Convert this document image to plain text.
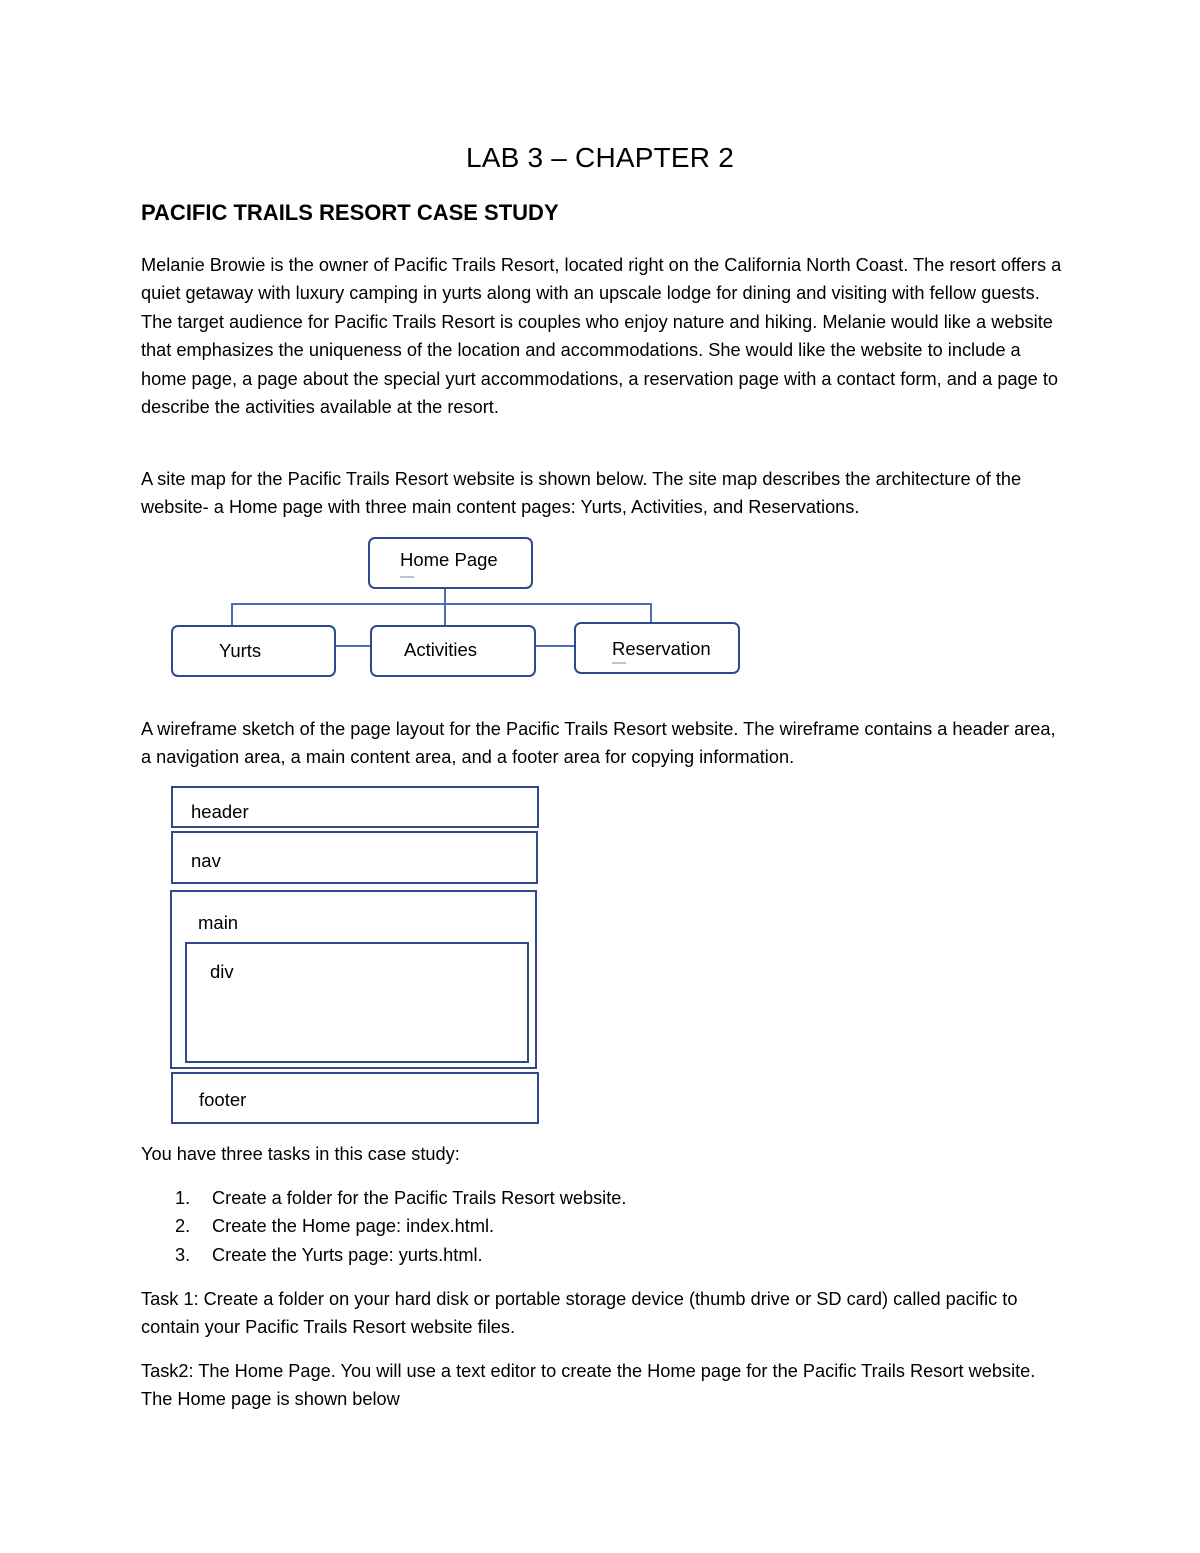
LAB 3 – CHAPTER 2
PACIFIC TRAILS RESORT CASE STUDY

Melanie Browie is the owner of Pacific Trails Resort, located right on the California North Coast. The resort offers a quiet getaway with luxury camping in yurts along with an upscale lodge for dining and visiting with fellow guests. The target audience for Pacific Trails Resort is couples who enjoy nature and hiking. Melanie would like a website that emphasizes the uniqueness of the location and accommodations. She would like the website to include a home page, a page about the special yurt accommodations, a reservation page with a contact form, and a page to describe the activities available at the resort.

A site map for the Pacific Trails Resort website is shown below. The site map describes the architecture of the website- a Home page with three main content pages: Yurts, Activities, and Reservations.

Home Page
Yurts	Activities	Reservation

A wireframe sketch of the page layout for the Pacific Trails Resort website. The wireframe contains a header area, a navigation area, a main content area, and a footer area for copying information.

header
nav
main
div
footer

You have three tasks in this case study:

1. Create a folder for the Pacific Trails Resort website.
2. Create the Home page: index.html.
3. Create the Yurts page: yurts.html.

Task 1: Create a folder on your hard disk or portable storage device (thumb drive or SD card) called pacific to contain your Pacific Trails Resort website files.

Task2: The Home Page. You will use a text editor to create the Home page for the Pacific Trails Resort website. The Home page is shown below
